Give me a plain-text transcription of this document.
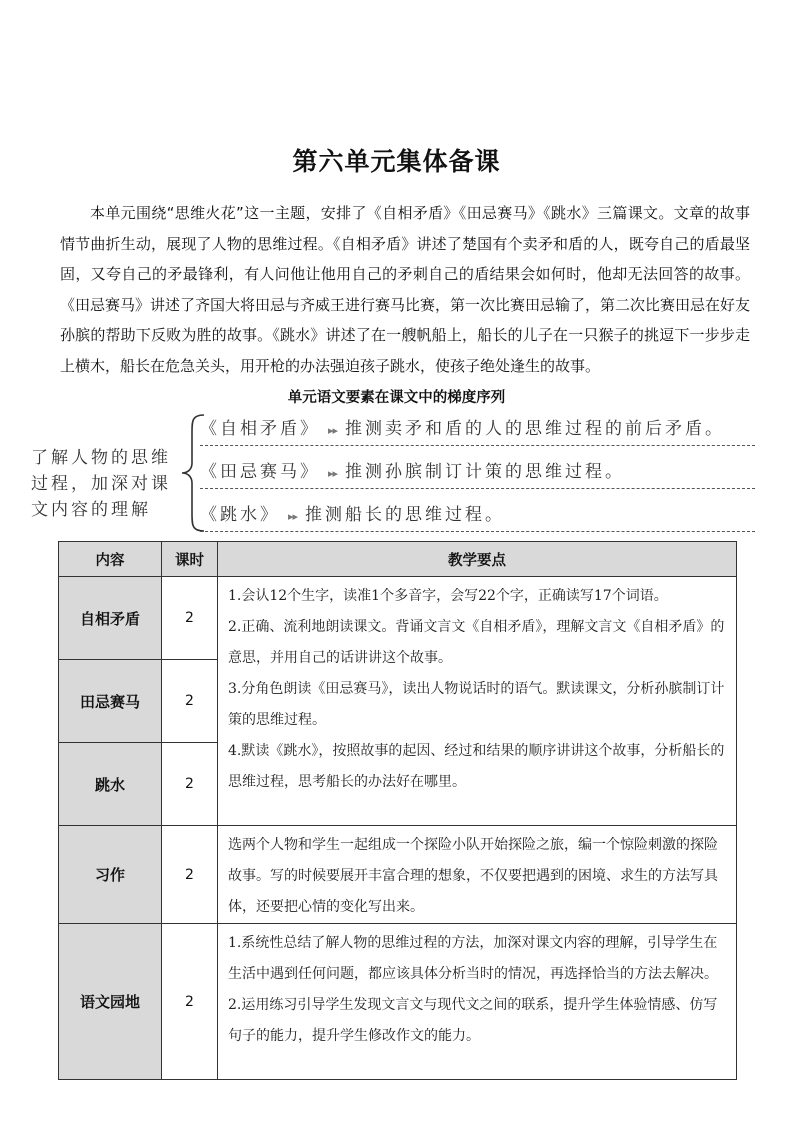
第六单元集体备课

本单元围绕“思维火花”这一主题，安排了《自相矛盾》《田忌赛马》《跳水》三篇课文。文章的故事情节曲折生动，展现了人物的思维过程。《自相矛盾》讲述了楚国有个卖矛和盾的人，既夸自己的盾最坚固，又夸自己的矛最锋利，有人问他让他用自己的矛刺自己的盾结果会如何时，他却无法回答的故事。《田忌赛马》讲述了齐国大将田忌与齐威王进行赛马比赛，第一次比赛田忌输了，第二次比赛田忌在好友孙膑的帮助下反败为胜的故事。《跳水》讲述了在一艘帆船上，船长的儿子在一只猴子的挑逗下一步步走上横木，船长在危急关头，用开枪的办法强迫孩子跳水，使孩子绝处逢生的故事。

单元语文要素在课文中的梯度序列
了解人物的思维过程，加深对课文内容的理解
《自相矛盾》 ▸▸ 推测卖矛和盾的人的思维过程的前后矛盾。
《田忌赛马》 ▸▸ 推测孙膑制订计策的思维过程。
《跳水》 ▸▸ 推测船长的思维过程。
内容	课时	教学要点
自相矛盾	2	1.会认12个生字，读准1个多音字，会写22个字，正确读写17个词语。

2.正确、流利地朗读课文。背诵文言文《自相矛盾》，理解文言文《自相矛盾》的意思，并用自己的话讲讲这个故事。

3.分角色朗读《田忌赛马》，读出人物说话时的语气。默读课文，分析孙膑制订计策的思维过程。

4.默读《跳水》，按照故事的起因、经过和结果的顺序讲讲这个故事，分析船长的思维过程，思考船长的办法好在哪里。

田忌赛马	2	
跳水	2	
习作	2	选两个人物和学生一起组成一个探险小队开始探险之旅，编一个惊险刺激的探险故事。写的时候要展开丰富合理的想象，不仅要把遇到的困境、求生的方法写具体，还要把心情的变化写出来。

语文园地	2	1.系统性总结了解人物的思维过程的方法，加深对课文内容的理解，引导学生在生活中遇到任何问题，都应该具体分析当时的情况，再选择恰当的方法去解决。

2.运用练习引导学生发现文言文与现代文之间的联系，提升学生体验情感、仿写句子的能力，提升学生修改作文的能力。
